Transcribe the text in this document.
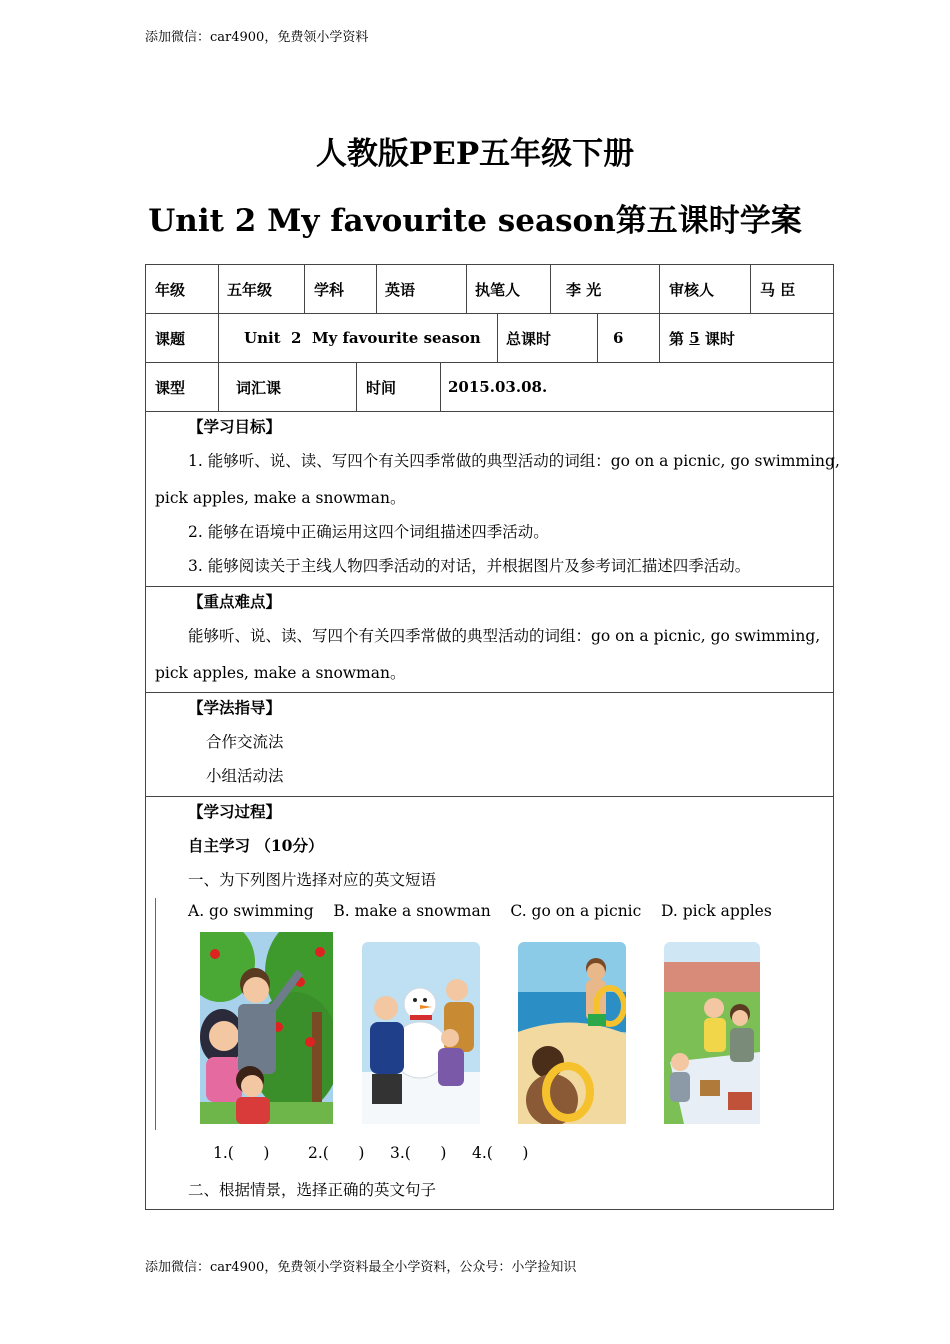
添加微信：car4900，免费领小学资料
人教版PEP五年级下册
Unit 2 My favourite season第五课时学案
年级	五年级	学科	英语	执笔人	李 光	审核人	马 臣
课题	Unit  2  My favourite season 总课时	6	第 5 课时
课型	词汇课	时间	2015.03.08.
【学习目标】
1. 能够听、说、读、写四个有关四季常做的典型活动的词组：go on a picnic, go swimming,
pick apples, make a snowman。
2. 能够在语境中正确运用这四个词组描述四季活动。
3. 能够阅读关于主线人物四季活动的对话，并根据图片及参考词汇描述四季活动。
【重点难点】
能够听、说、读、写四个有关四季常做的典型活动的词组：go on a picnic, go swimming,
pick apples, make a snowman。
【学法指导】
合作交流法
小组活动法
【学习过程】
自主学习 （10分）
一、为下列图片选择对应的英文短语
A. go swimming    B. make a snowman    C. go on a picnic    D. pick apples
1.(      ) 2.(      ) 3.(      ) 4.(      )
二、根据情景，选择正确的英文句子
添加微信：car4900，免费领小学资料最全小学资料，公众号：小学捡知识
